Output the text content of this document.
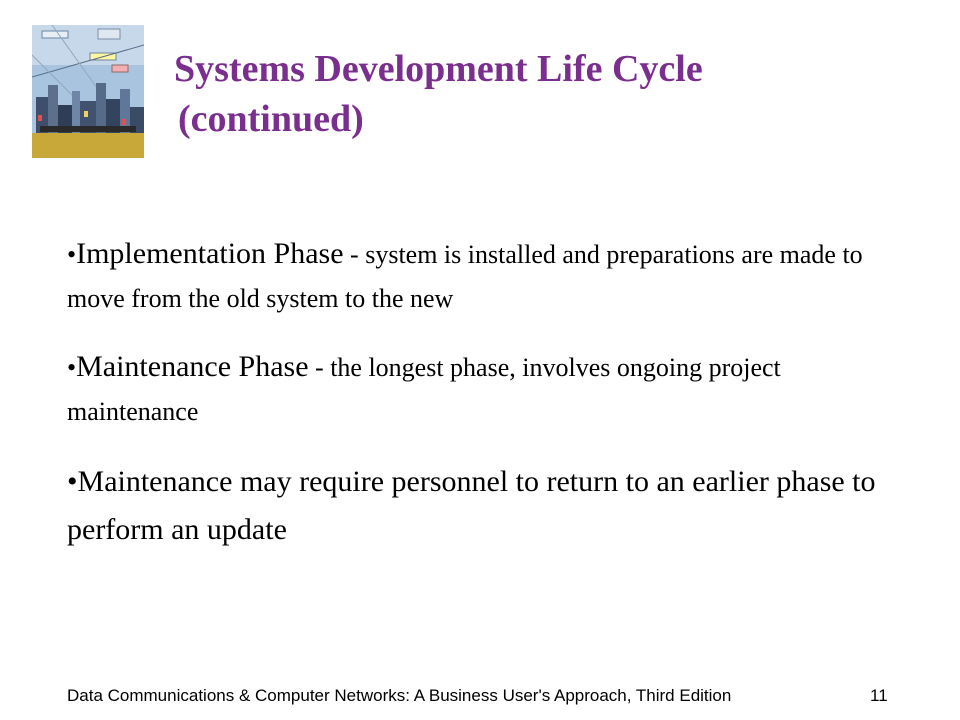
Systems Development Life Cycle
(continued)

•Implementation Phase - system is installed and preparations are made to move from the old system to the new

•Maintenance Phase - the longest phase, involves ongoing project maintenance

•Maintenance may require personnel to return to an earlier phase to perform an update

Data Communications & Computer Networks: A Business User's Approach, Third Edition	11
